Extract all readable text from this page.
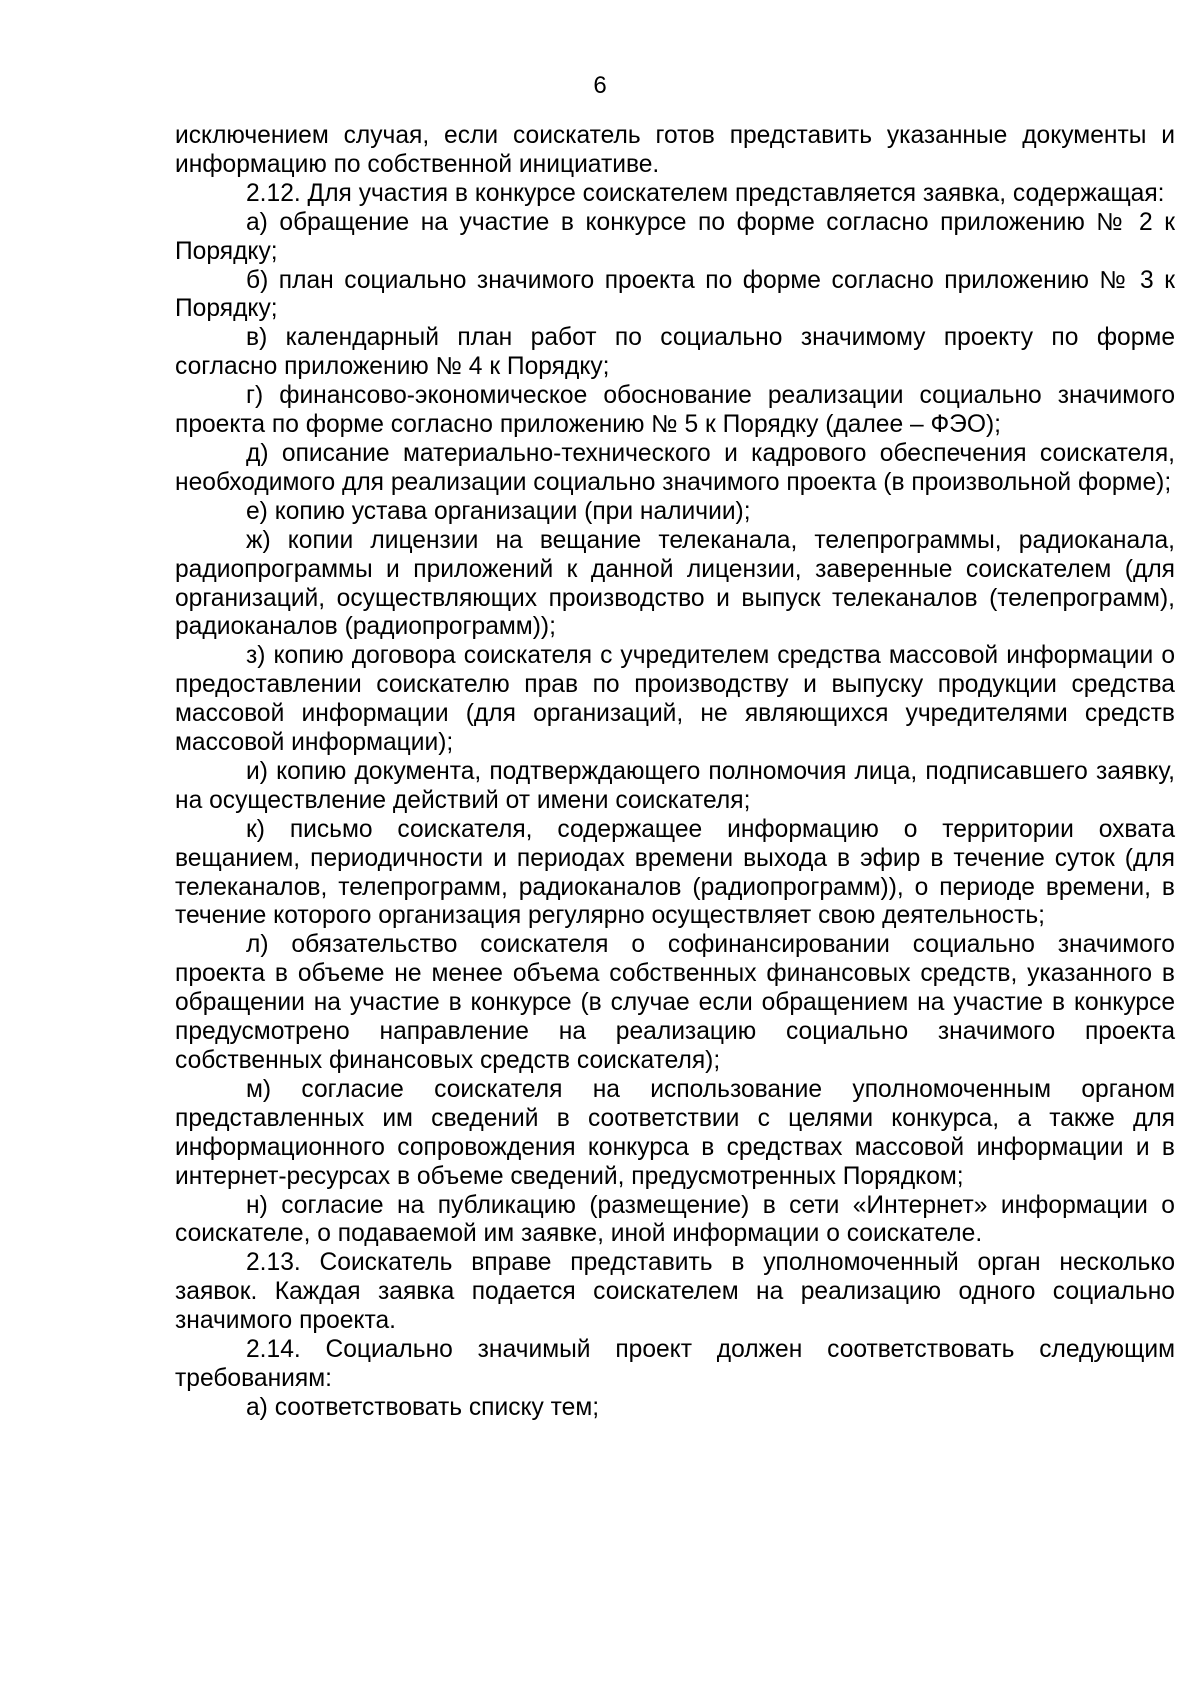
6

исключением случая, если соискатель готов представить указанные документы и информацию по собственной инициативе.

2.12. Для участия в конкурсе соискателем представляется заявка, содержащая:

а) обращение на участие в конкурсе по форме согласно приложению № 2 к Порядку;

б) план социально значимого проекта по форме согласно приложению № 3 к Порядку;

в) календарный план работ по социально значимому проекту по форме согласно приложению № 4 к Порядку;

г) финансово-экономическое обоснование реализации социально значимого проекта по форме согласно приложению № 5 к Порядку (далее – ФЭО);

д) описание материально-технического и кадрового обеспечения соискателя, необходимого для реализации социально значимого проекта (в произвольной форме);

е) копию устава организации (при наличии);

ж) копии лицензии на вещание телеканала, телепрограммы, радиоканала, радиопрограммы и приложений к данной лицензии, заверенные соискателем (для организаций, осуществляющих производство и выпуск телеканалов (телепрограмм), радиоканалов (радиопрограмм));

з) копию договора соискателя с учредителем средства массовой информации о предоставлении соискателю прав по производству и выпуску продукции средства массовой информации (для организаций, не являющихся учредителями средств массовой информации);

и) копию документа, подтверждающего полномочия лица, подписавшего заявку, на осуществление действий от имени соискателя;

к) письмо соискателя, содержащее информацию о территории охвата вещанием, периодичности и периодах времени выхода в эфир в течение суток (для телеканалов, телепрограмм, радиоканалов (радиопрограмм)), о периоде времени, в течение которого организация регулярно осуществляет свою деятельность;

л) обязательство соискателя о софинансировании социально значимого проекта в объеме не менее объема собственных финансовых средств, указанного в обращении на участие в конкурсе (в случае если обращением на участие в конкурсе предусмотрено направление на реализацию социально значимого проекта собственных финансовых средств соискателя);

м) согласие соискателя на использование уполномоченным органом представленных им сведений в соответствии с целями конкурса, а также для информационного сопровождения конкурса в средствах массовой информации и в интернет-ресурсах в объеме сведений, предусмотренных Порядком;

н) согласие на публикацию (размещение) в сети «Интернет» информации о соискателе, о подаваемой им заявке, иной информации о соискателе.

2.13. Соискатель вправе представить в уполномоченный орган несколько заявок. Каждая заявка подается соискателем на реализацию одного социально значимого проекта.

2.14. Социально значимый проект должен соответствовать следующим требованиям:

а) соответствовать списку тем;
